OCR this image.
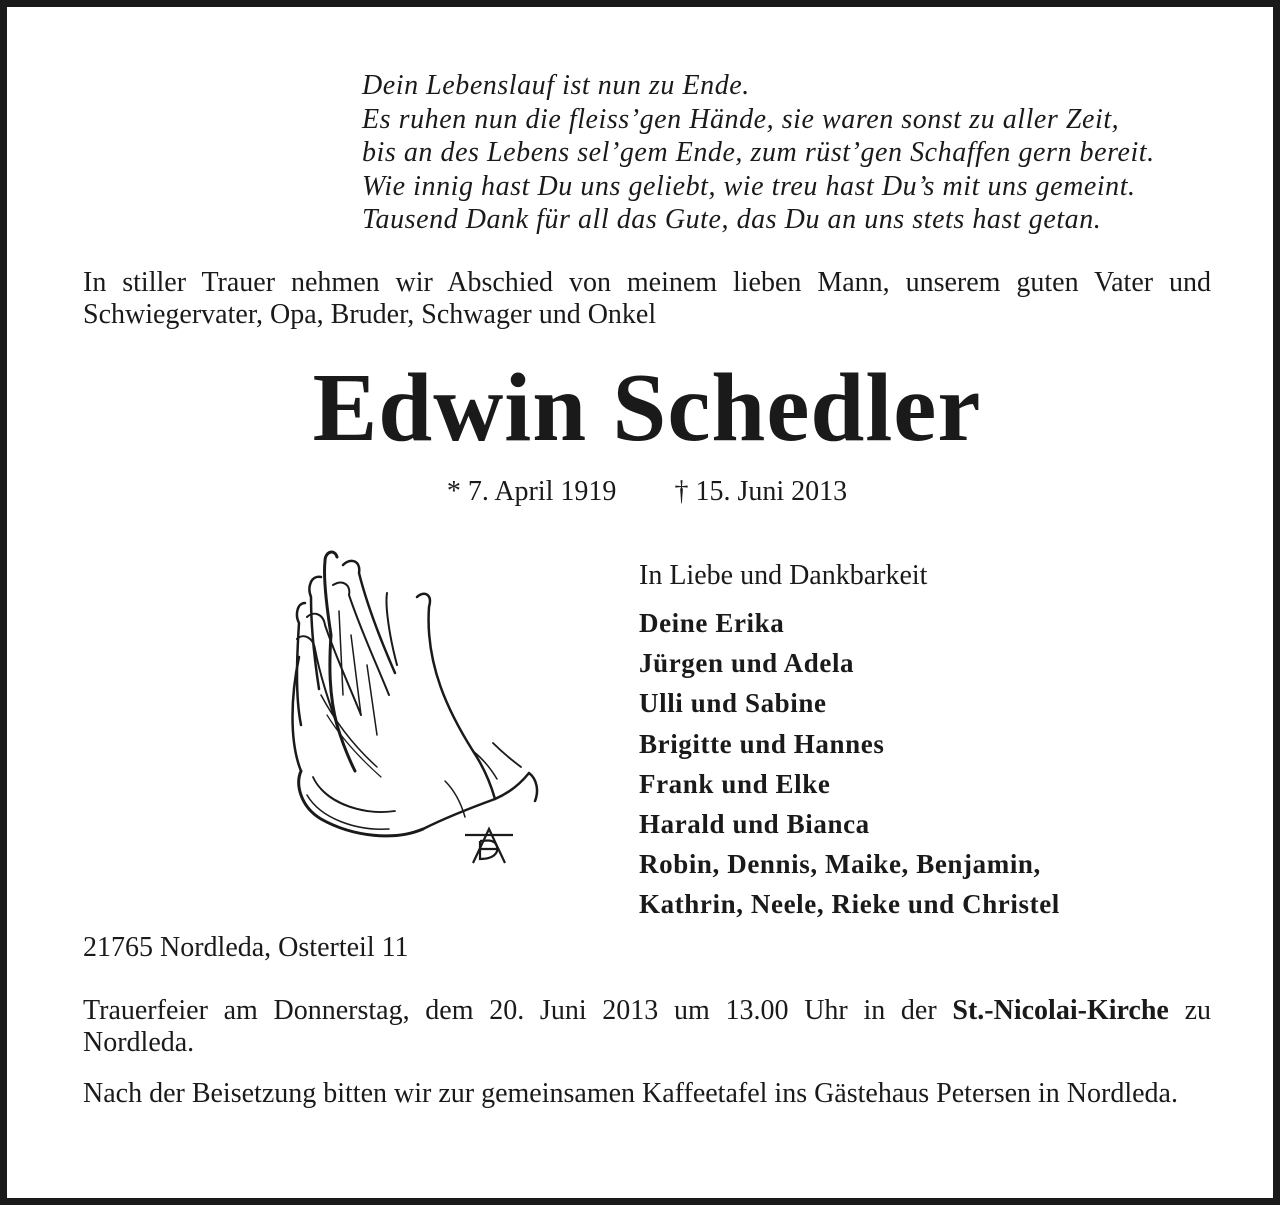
Dein Lebenslauf ist nun zu Ende.
Es ruhen nun die fleiss’gen Hände, sie waren sonst zu aller Zeit,
bis an des Lebens sel’gem Ende, zum rüst’gen Schaffen gern bereit.
Wie innig hast Du uns geliebt, wie treu hast Du’s mit uns gemeint.
Tausend Dank für all das Gute, das Du an uns stets hast getan.
In stiller Trauer nehmen wir Abschied von meinem lieben Mann, unserem guten Vater und Schwiegervater, Opa, Bruder, Schwager und Onkel
Edwin Schedler
* 7. April 1919 † 15. Juni 2013
In Liebe und Dankbarkeit
Deine Erika
Jürgen und Adela
Ulli und Sabine
Brigitte und Hannes
Frank und Elke
Harald und Bianca
Robin, Dennis, Maike, Benjamin,
Kathrin, Neele, Rieke und Christel
21765 Nordleda, Osterteil 11
Trauerfeier am Donnerstag, dem 20. Juni 2013 um 13.00 Uhr in der St.-Nicolai-Kirche zu Nordleda.
Nach der Beisetzung bitten wir zur gemeinsamen Kaffeetafel ins Gästehaus Petersen in Nordleda.
